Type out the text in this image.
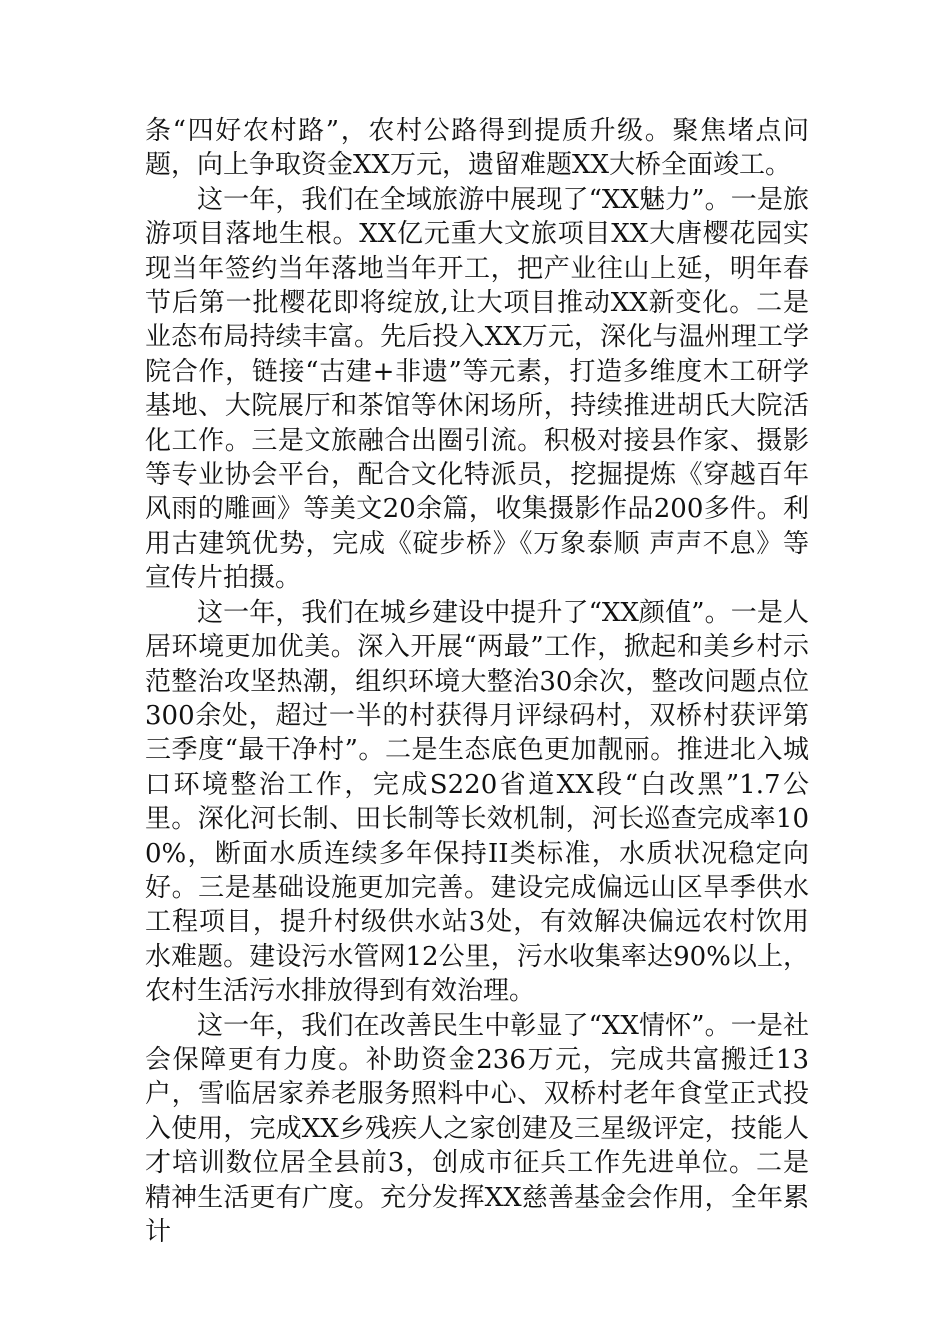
条“四好农村路”，农村公路得到提质升级。聚焦堵点问题，向上争取资金XX万元，遗留难题XX大桥全面竣工。

这一年，我们在全域旅游中展现了“XX魅力”。一是旅游项目落地生根。XX亿元重大文旅项目XX大唐樱花园实现当年签约当年落地当年开工，把产业往山上延，明年春节后第一批樱花即将绽放,让大项目推动XX新变化。二是业态布局持续丰富。先后投入XX万元，深化与温州理工学院合作，链接“古建+非遗”等元素，打造多维度木工研学基地、大院展厅和茶馆等休闲场所，持续推进胡氏大院活化工作。三是文旅融合出圈引流。积极对接县作家、摄影等专业协会平台，配合文化特派员，挖掘提炼《穿越百年风雨的雕画》等美文20余篇，收集摄影作品200多件。利用古建筑优势，完成《碇步桥》《万象泰顺 声声不息》等宣传片拍摄。

这一年，我们在城乡建设中提升了“XX颜值”。一是人居环境更加优美。深入开展“两最”工作，掀起和美乡村示范整治攻坚热潮，组织环境大整治30余次，整改问题点位300余处，超过一半的村获得月评绿码村，双桥村获评第三季度“最干净村”。二是生态底色更加靓丽。推进北入城口环境整治工作，完成S220省道XX段“白改黑”1.7公里。深化河长制、田长制等长效机制，河长巡查完成率100%，断面水质连续多年保持II类标准，水质状况稳定向好。三是基础设施更加完善。建设完成偏远山区旱季供水工程项目，提升村级供水站3处，有效解决偏远农村饮用水难题。建设污水管网12公里，污水收集率达90%以上，农村生活污水排放得到有效治理。

这一年，我们在改善民生中彰显了“XX情怀”。一是社会保障更有力度。补助资金236万元，完成共富搬迁13户，雪临居家养老服务照料中心、双桥村老年食堂正式投入使用，完成XX乡残疾人之家创建及三星级评定，技能人才培训数位居全县前3，创成市征兵工作先进单位。二是精神生活更有广度。充分发挥XX慈善基金会作用，全年累计
